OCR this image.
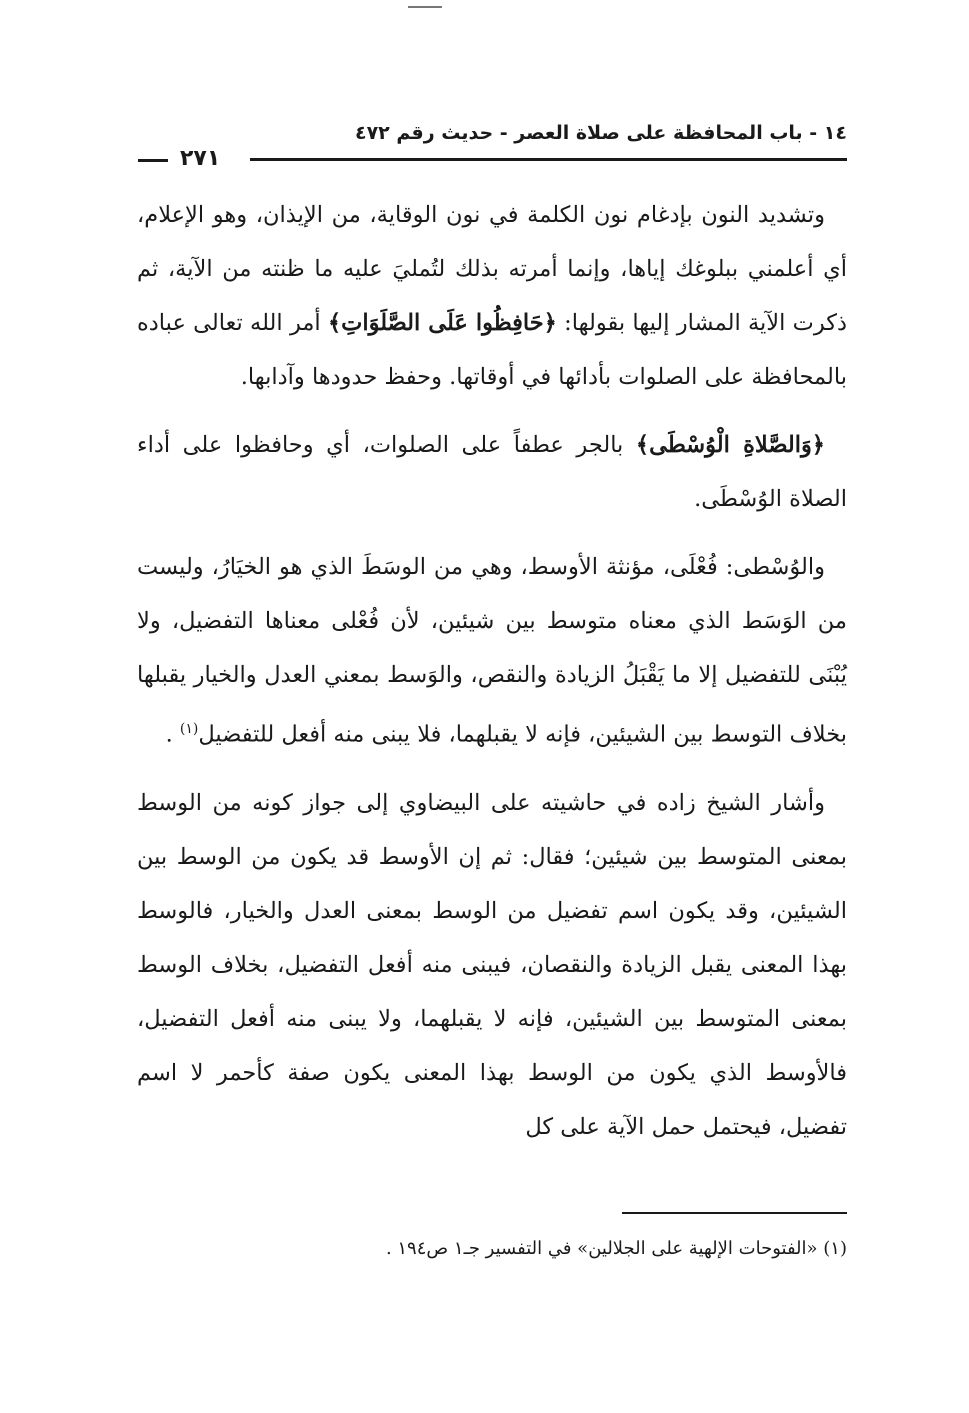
١٤ - باب المحافظة على صلاة العصر - حديث رقم ٤٧٢
٢٧١

وتشديد النون بإدغام نون الكلمة في نون الوقاية، من الإيذان، وهو الإعلام، أي أعلمني ببلوغك إياها، وإنما أمرته بذلك لتُمليَ عليه ما ظنته من الآية، ثم ذكرت الآية المشار إليها بقولها: ﴿حَافِظُوا عَلَى الصَّلَوَاتِ﴾ أمر الله تعالى عباده بالمحافظة على الصلوات بأدائها في أوقاتها. وحفظ حدودها وآدابها.

﴿وَالصَّلاةِ الْوُسْطَى﴾ بالجر عطفاً على الصلوات، أي وحافظوا على أداء الصلاة الوُسْطَى.

والوُسْطى: فُعْلَى، مؤنثة الأوسط، وهي من الوسَطَ الذي هو الخيَارُ، وليست من الوَسَط الذي معناه متوسط بين شيئين، لأن فُعْلى معناها التفضيل، ولا يُبْنَى للتفضيل إلا ما يَقْبَلُ الزيادة والنقص، والوَسط بمعني العدل والخيار يقبلها بخلاف التوسط بين الشيئين، فإنه لا يقبلهما، فلا يبنى منه أفعل للتفضيل$^{(١)}$ .

وأشار الشيخ زاده في حاشيته على البيضاوي إلى جواز كونه من الوسط بمعنى المتوسط بين شيئين؛ فقال: ثم إن الأوسط قد يكون من الوسط بين الشيئين، وقد يكون اسم تفضيل من الوسط بمعنى العدل والخيار، فالوسط بهذا المعنى يقبل الزيادة والنقصان، فيبنى منه أفعل التفضيل، بخلاف الوسط بمعنى المتوسط بين الشيئين، فإنه لا يقبلهما، ولا يبنى منه أفعل التفضيل، فالأوسط الذي يكون من الوسط بهذا المعنى يكون صفة كأحمر لا اسم تفضيل، فيحتمل حمل الآية على كل

(١) «الفتوحات الإلهية على الجلالين» في التفسير جـ١ ص١٩٤ .
